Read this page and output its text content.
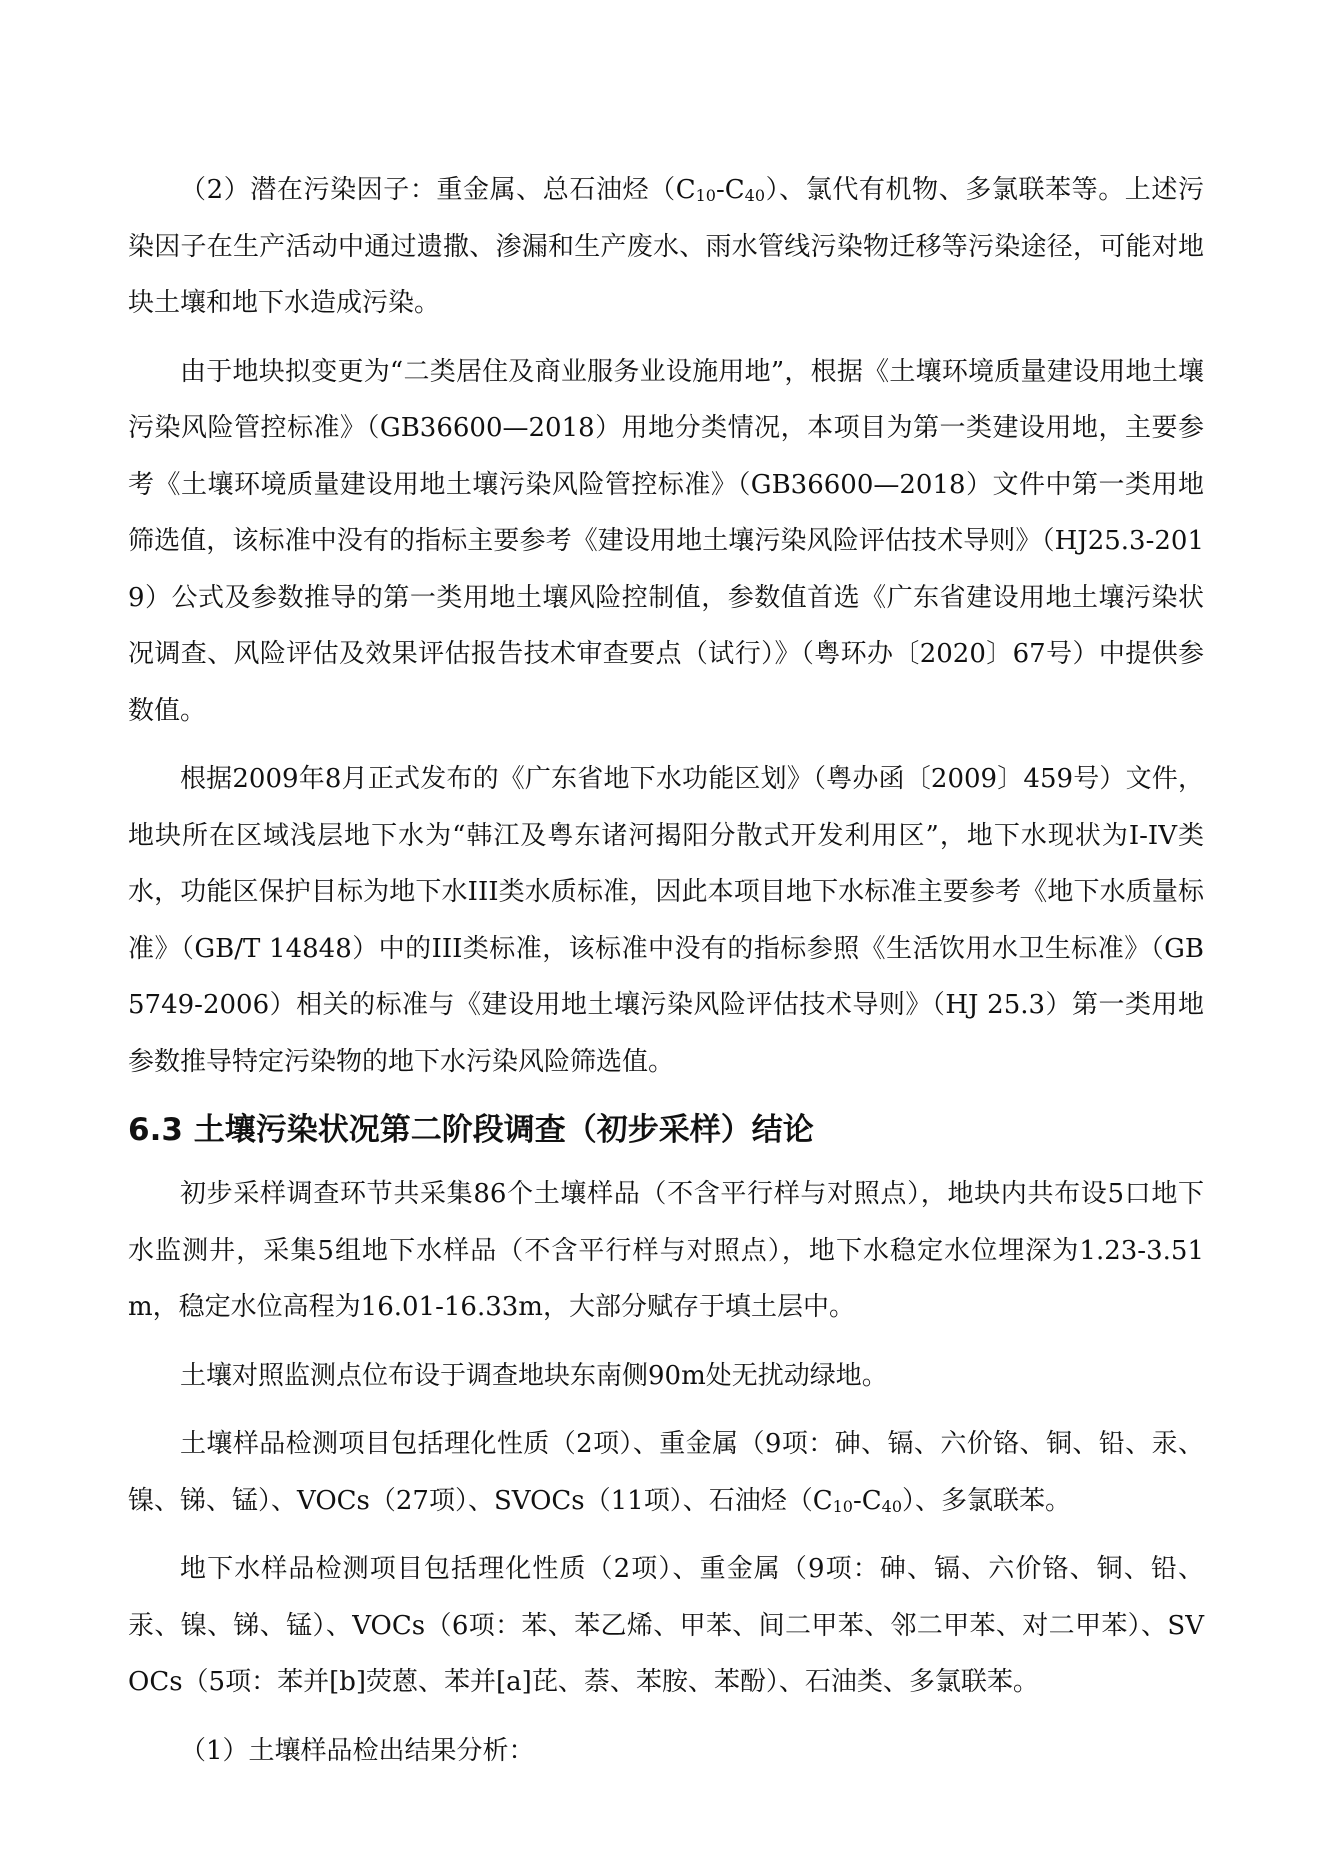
（2）潜在污染因子：重金属、总石油烃$(C_{10}-C_{40})$、氯代有机物、多氯联苯等。上述污染因子在生产活动中通过遗撒、渗漏和生产废水、雨水管线污染物迁移等污染途径，可能对地块土壤和地下水造成污染。

由于地块拟变更为“二类居住及商业服务业设施用地”，根据《土壤环境质量建设用地土壤污染风险管控标准》（GB36600—2018）用地分类情况，本项目为第一类建设用地，主要参考《土壤环境质量建设用地土壤污染风险管控标准》（GB36600—2018）文件中第一类用地筛选值，该标准中没有的指标主要参考《建设用地土壤污染风险评估技术导则》（HJ25.3-2019）公式及参数推导的第一类用地土壤风险控制值，参数值首选《广东省建设用地土壤污染状况调查、风险评估及效果评估报告技术审查要点（试行）》（粤环办〔2020〕67号）中提供参数值。

根据2009年8月正式发布的《广东省地下水功能区划》（粤办函〔2009〕459号）文件，地块所在区域浅层地下水为“韩江及粤东诸河揭阳分散式开发利用区”，地下水现状为I-IV类水，功能区保护目标为地下水III类水质标准，因此本项目地下水标准主要参考《地下水质量标准》（GB/T 14848）中的III类标准，该标准中没有的指标参照《生活饮用水卫生标准》（GB 5749-2006）相关的标准与《建设用地土壤污染风险评估技术导则》（HJ 25.3）第一类用地参数推导特定污染物的地下水污染风险筛选值。

6.3 土壤污染状况第二阶段调查（初步采样）结论

初步采样调查环节共采集86个土壤样品（不含平行样与对照点），地块内共布设5口地下水监测井，采集5组地下水样品（不含平行样与对照点），地下水稳定水位埋深为1.23-3.51m，稳定水位高程为16.01-16.33m，大部分赋存于填土层中。

土壤对照监测点位布设于调查地块东南侧90m处无扰动绿地。

土壤样品检测项目包括理化性质（2项）、重金属（9项：砷、镉、六价铬、铜、铅、汞、镍、锑、锰）、VOCs（27项）、SVOCs（11项）、石油烃$(C_{10}-C_{40})$、多氯联苯。

地下水样品检测项目包括理化性质（2项）、重金属（9项：砷、镉、六价铬、铜、铅、汞、镍、锑、锰）、VOCs（6项：苯、苯乙烯、甲苯、间二甲苯、邻二甲苯、对二甲苯）、SVOCs（5项：苯并[b]荧蒽、苯并[a]芘、萘、苯胺、苯酚）、石油类、多氯联苯。

（1）土壤样品检出结果分析：
